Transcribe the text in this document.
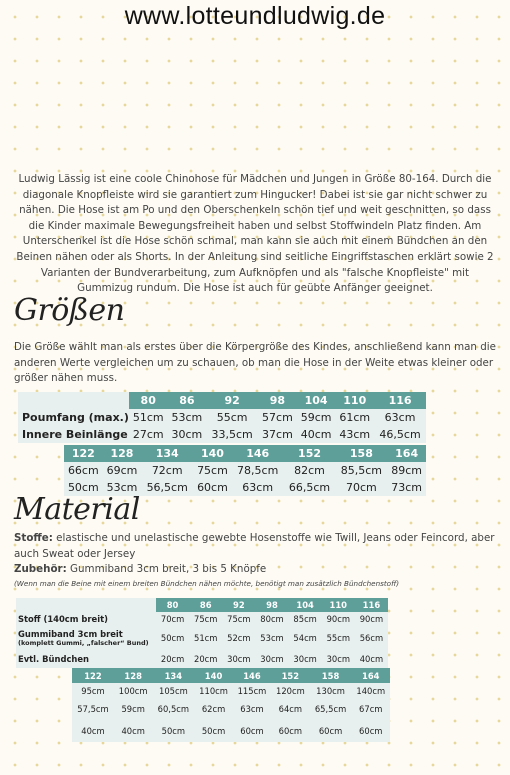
www.lotteundludwig.de
Ludwig Lässig ist eine coole Chinohose für Mädchen und Jungen in Größe 80-164. Durch die diagonale Knopfleiste wird sie garantiert zum Hingucker! Dabei ist sie gar nicht schwer zu nähen. Die Hose ist am Po und den Oberschenkeln schön tief und weit geschnitten, so dass die Kinder maximale Bewegungsfreiheit haben und selbst Stoffwindeln Platz finden. Am Unterschenkel ist die Hose schön schmal, man kann sie auch mit einem Bündchen an den Beinen nähen oder als Shorts. In der Anleitung sind seitliche Eingriffstaschen erklärt sowie 2 Varianten der Bundverarbeitung, zum Aufknöpfen und als "falsche Knopfleiste" mit Gummizug rundum. Die Hose ist auch für geübte Anfänger geeignet.
Größen
Die Größe wählt man als erstes über die Körpergröße des Kindes, anschließend kann man die anderen Werte vergleichen um zu schauen, ob man die Hose in der Weite etwas kleiner oder größer nähen muss.
	80	86	92	98	104	110	116
Poumfang (max.)	51cm	53cm	55cm	57cm	59cm	61cm	63cm
Innere Beinlänge	27cm	30cm	33,5cm	37cm	40cm	43cm	46,5cm
122	128	134	140	146	152	158	164
66cm	69cm	72cm	75cm	78,5cm	82cm	85,5cm	89cm
50cm	53cm	56,5cm	60cm	63cm	66,5cm	70cm	73cm
Material
Stoffe: elastische und unelastische gewebte Hosenstoffe wie Twill, Jeans oder Feincord, aber auch Sweat oder Jersey
Zubehör: Gummiband 3cm breit, 3 bis 5 Knöpfe
(Wenn man die Beine mit einem breiten Bündchen nähen möchte, benötigt man zusätzlich Bündchenstoff)
	80	86	92	98	104	110	116
Stoff (140cm breit)	70cm	75cm	75cm	80cm	85cm	90cm	90cm
Gummiband 3cm breit
(komplett Gummi, „falscher“ Bund)	50cm	51cm	52cm	53cm	54cm	55cm	56cm
Evtl. Bündchen	20cm	20cm	30cm	30cm	30cm	30cm	40cm
122	128	134	140	146	152	158	164
95cm	100cm	105cm	110cm	115cm	120cm	130cm	140cm
57,5cm	59cm	60,5cm	62cm	63cm	64cm	65,5cm	67cm
40cm	40cm	50cm	50cm	60cm	60cm	60cm	60cm
